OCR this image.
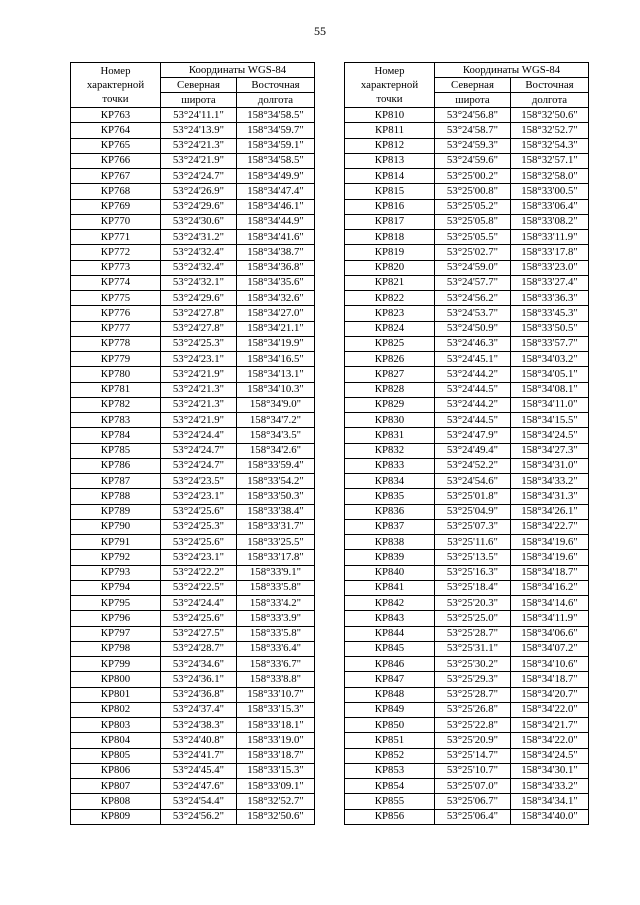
55
Номер
характерной
точки	Координаты WGS-84	
	Северная	Восточная
	широта	долгота
КР763	53°24'11.1"	158°34'58.5"
КР764	53°24'13.9"	158°34'59.7"
КР765	53°24'21.3"	158°34'59.1"
КР766	53°24'21.9"	158°34'58.5"
КР767	53°24'24.7"	158°34'49.9"
КР768	53°24'26.9"	158°34'47.4"
КР769	53°24'29.6"	158°34'46.1"
КР770	53°24'30.6"	158°34'44.9"
КР771	53°24'31.2"	158°34'41.6"
КР772	53°24'32.4"	158°34'38.7"
КР773	53°24'32.4"	158°34'36.8"
КР774	53°24'32.1"	158°34'35.6"
КР775	53°24'29.6"	158°34'32.6"
КР776	53°24'27.8"	158°34'27.0"
КР777	53°24'27.8"	158°34'21.1"
КР778	53°24'25.3"	158°34'19.9"
КР779	53°24'23.1"	158°34'16.5"
КР780	53°24'21.9"	158°34'13.1"
КР781	53°24'21.3"	158°34'10.3"
КР782	53°24'21.3"	158°34'9.0"
КР783	53°24'21.9"	158°34'7.2"
КР784	53°24'24.4"	158°34'3.5"
КР785	53°24'24.7"	158°34'2.6"
КР786	53°24'24.7"	158°33'59.4"
КР787	53°24'23.5"	158°33'54.2"
КР788	53°24'23.1"	158°33'50.3"
КР789	53°24'25.6"	158°33'38.4"
КР790	53°24'25.3"	158°33'31.7"
КР791	53°24'25.6"	158°33'25.5"
КР792	53°24'23.1"	158°33'17.8"
КР793	53°24'22.2"	158°33'9.1"
КР794	53°24'22.5"	158°33'5.8"
КР795	53°24'24.4"	158°33'4.2"
КР796	53°24'25.6"	158°33'3.9"
КР797	53°24'27.5"	158°33'5.8"
КР798	53°24'28.7"	158°33'6.4"
КР799	53°24'34.6"	158°33'6.7"
КР800	53°24'36.1"	158°33'8.8"
КР801	53°24'36.8"	158°33'10.7"
КР802	53°24'37.4"	158°33'15.3"
КР803	53°24'38.3"	158°33'18.1"
КР804	53°24'40.8"	158°33'19.0"
КР805	53°24'41.7"	158°33'18.7"
КР806	53°24'45.4"	158°33'15.3"
КР807	53°24'47.6"	158°33'09.1"
КР808	53°24'54.4"	158°32'52.7"
КР809	53°24'56.2"	158°32'50.6"
Номер
характерной
точки	Координаты WGS-84	
	Северная	Восточная
	широта	долгота
КР810	53°24'56.8"	158°32'50.6"
КР811	53°24'58.7"	158°32'52.7"
КР812	53°24'59.3"	158°32'54.3"
КР813	53°24'59.6"	158°32'57.1"
КР814	53°25'00.2"	158°32'58.0"
КР815	53°25'00.8"	158°33'00.5"
КР816	53°25'05.2"	158°33'06.4"
КР817	53°25'05.8"	158°33'08.2"
КР818	53°25'05.5"	158°33'11.9"
КР819	53°25'02.7"	158°33'17.8"
КР820	53°24'59.0"	158°33'23.0"
КР821	53°24'57.7"	158°33'27.4"
КР822	53°24'56.2"	158°33'36.3"
КР823	53°24'53.7"	158°33'45.3"
КР824	53°24'50.9"	158°33'50.5"
КР825	53°24'46.3"	158°33'57.7"
КР826	53°24'45.1"	158°34'03.2"
КР827	53°24'44.2"	158°34'05.1"
КР828	53°24'44.5"	158°34'08.1"
КР829	53°24'44.2"	158°34'11.0"
КР830	53°24'44.5"	158°34'15.5"
КР831	53°24'47.9"	158°34'24.5"
КР832	53°24'49.4"	158°34'27.3"
КР833	53°24'52.2"	158°34'31.0"
КР834	53°24'54.6"	158°34'33.2"
КР835	53°25'01.8"	158°34'31.3"
КР836	53°25'04.9"	158°34'26.1"
КР837	53°25'07.3"	158°34'22.7"
КР838	53°25'11.6"	158°34'19.6"
КР839	53°25'13.5"	158°34'19.6"
КР840	53°25'16.3"	158°34'18.7"
КР841	53°25'18.4"	158°34'16.2"
КР842	53°25'20.3"	158°34'14.6"
КР843	53°25'25.0"	158°34'11.9"
КР844	53°25'28.7"	158°34'06.6"
КР845	53°25'31.1"	158°34'07.2"
КР846	53°25'30.2"	158°34'10.6"
КР847	53°25'29.3"	158°34'18.7"
КР848	53°25'28.7"	158°34'20.7"
КР849	53°25'26.8"	158°34'22.0"
КР850	53°25'22.8"	158°34'21.7"
КР851	53°25'20.9"	158°34'22.0"
КР852	53°25'14.7"	158°34'24.5"
КР853	53°25'10.7"	158°34'30.1"
КР854	53°25'07.0"	158°34'33.2"
КР855	53°25'06.7"	158°34'34.1"
КР856	53°25'06.4"	158°34'40.0"
